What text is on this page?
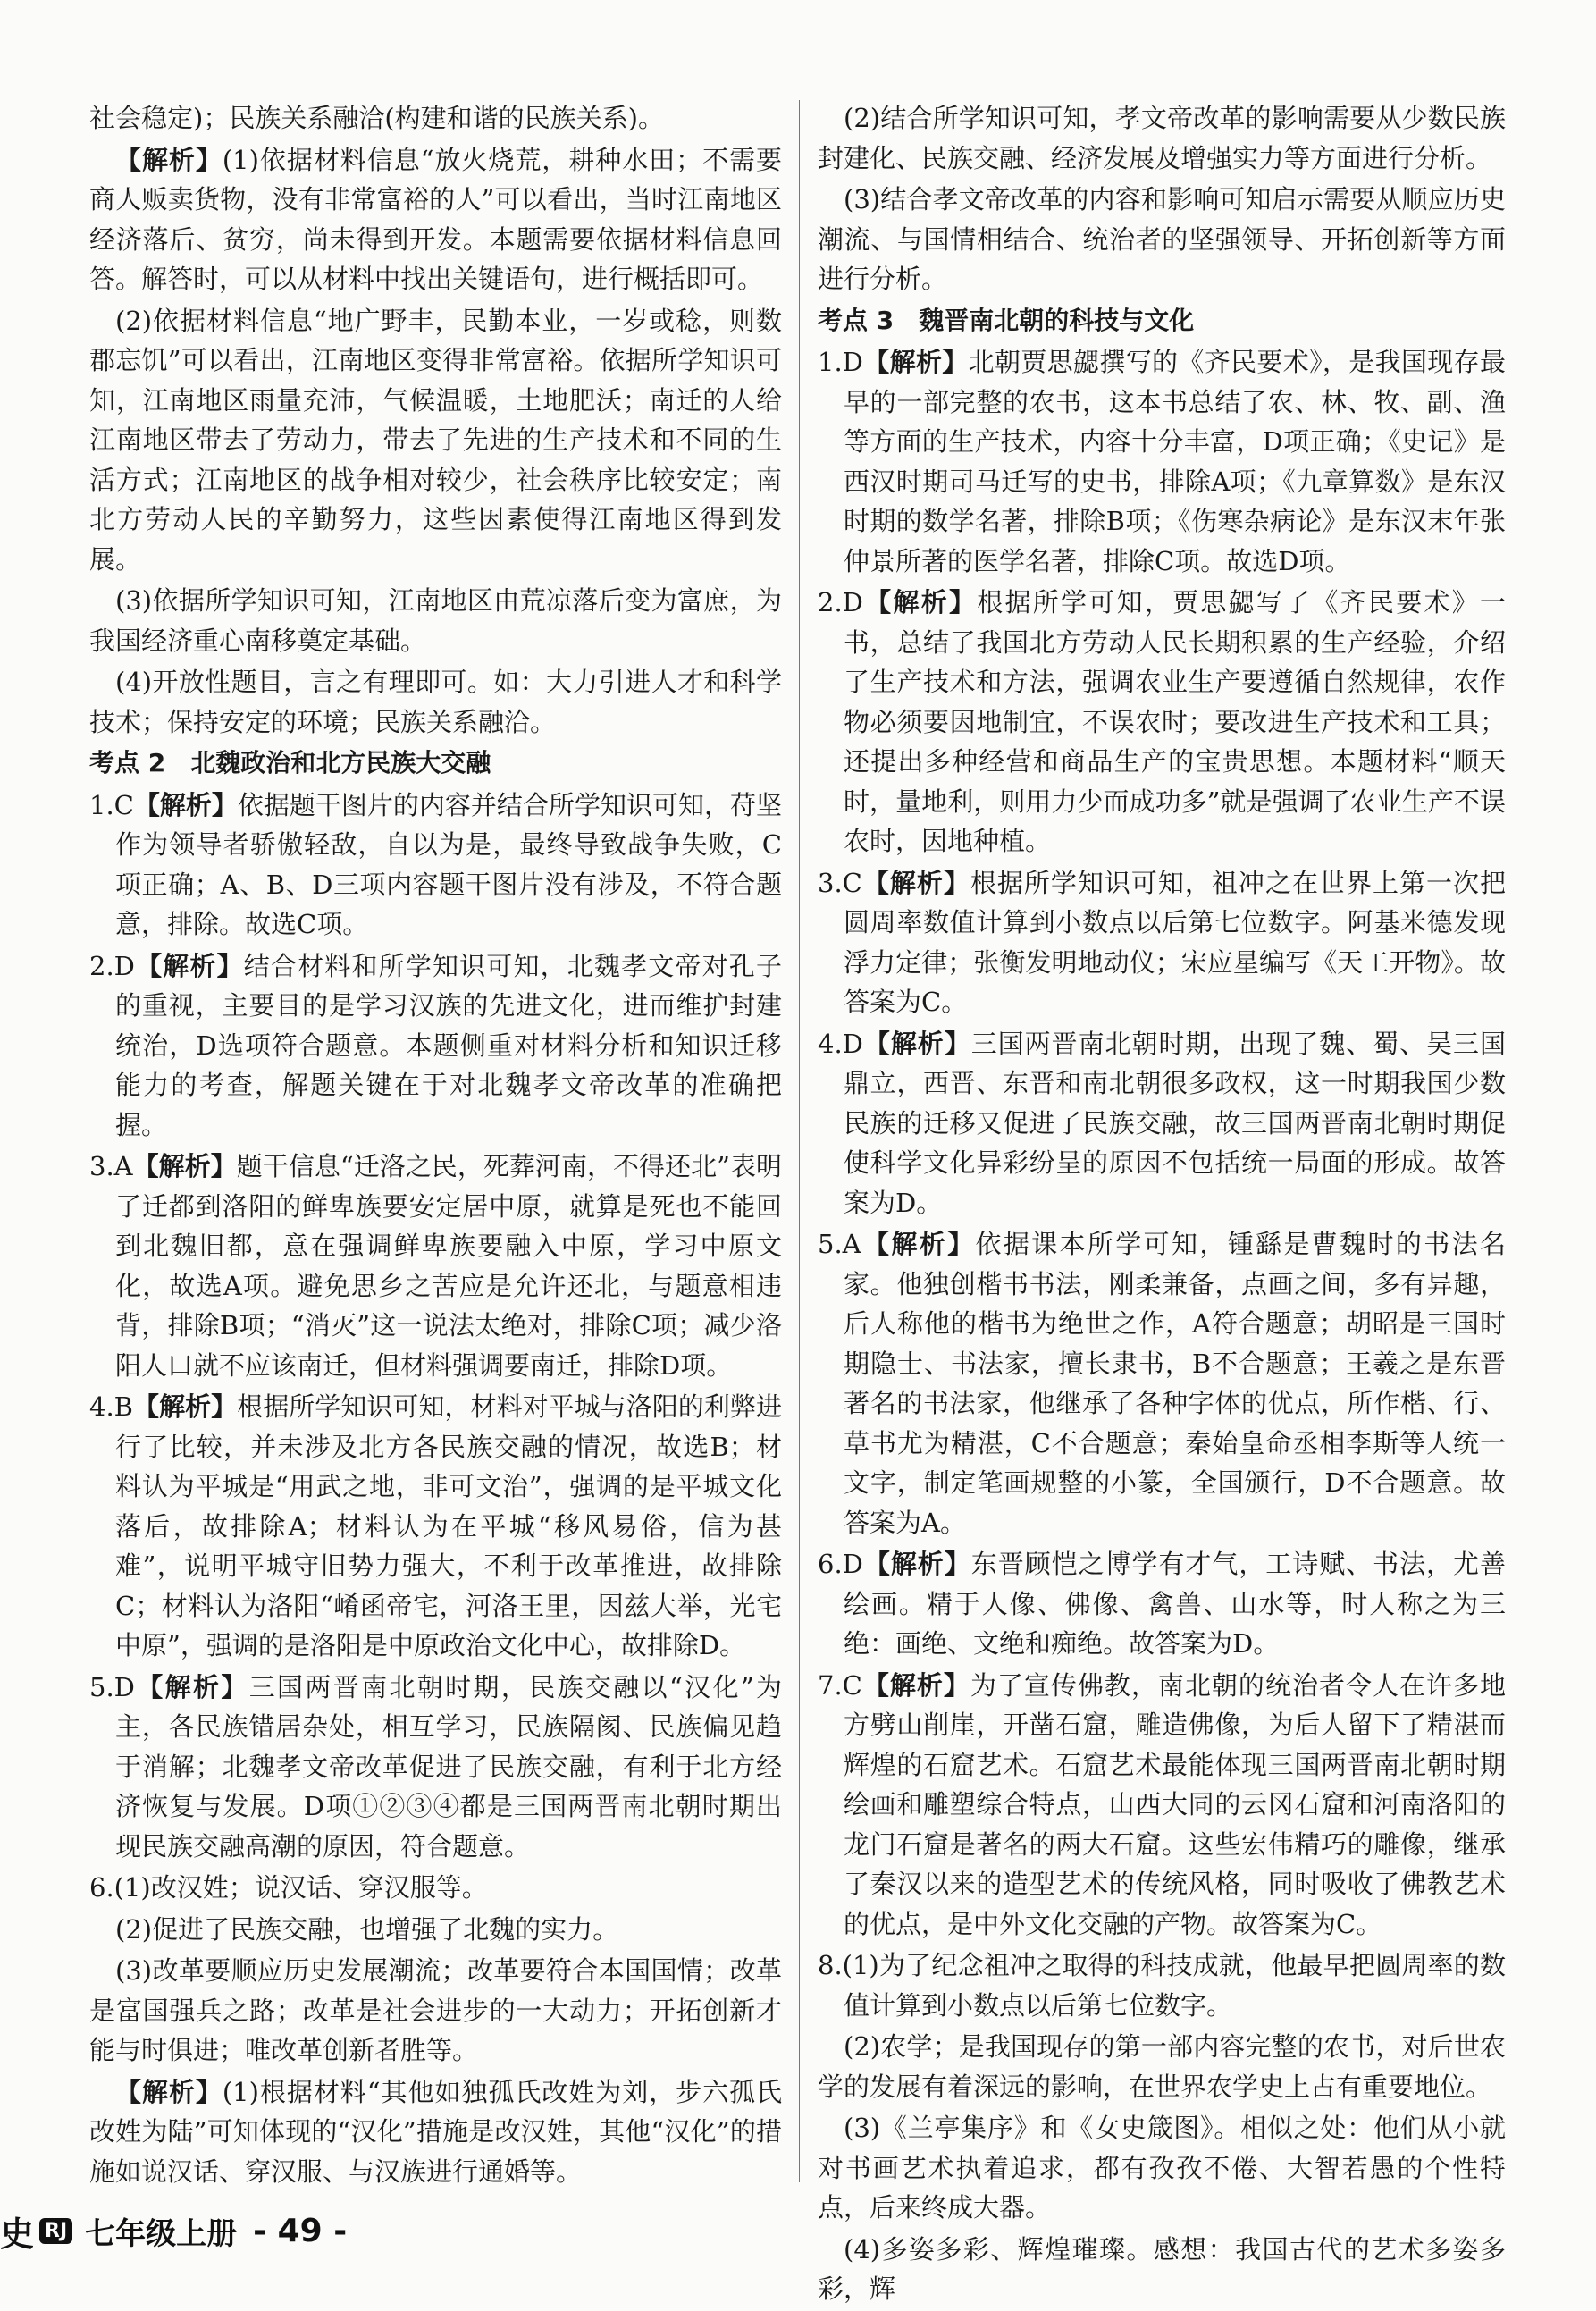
社会稳定)；民族关系融洽(构建和谐的民族关系)。

【解析】(1)依据材料信息“放火烧荒，耕种水田；不需要商人贩卖货物，没有非常富裕的人”可以看出，当时江南地区经济落后、贫穷，尚未得到开发。本题需要依据材料信息回答。解答时，可以从材料中找出关键语句，进行概括即可。

(2)依据材料信息“地广野丰，民勤本业，一岁或稔，则数郡忘饥”可以看出，江南地区变得非常富裕。依据所学知识可知，江南地区雨量充沛，气候温暖，土地肥沃；南迁的人给江南地区带去了劳动力，带去了先进的生产技术和不同的生活方式；江南地区的战争相对较少，社会秩序比较安定；南北方劳动人民的辛勤努力，这些因素使得江南地区得到发展。

(3)依据所学知识可知，江南地区由荒凉落后变为富庶，为我国经济重心南移奠定基础。

(4)开放性题目，言之有理即可。如：大力引进人才和科学技术；保持安定的环境；民族关系融洽。

考点 2　北魏政治和北方民族大交融

1.C【解析】依据题干图片的内容并结合所学知识可知，苻坚作为领导者骄傲轻敌，自以为是，最终导致战争失败，C项正确；A、B、D三项内容题干图片没有涉及，不符合题意，排除。故选C项。

2.D【解析】结合材料和所学知识可知，北魏孝文帝对孔子的重视，主要目的是学习汉族的先进文化，进而维护封建统治，D选项符合题意。本题侧重对材料分析和知识迁移能力的考查，解题关键在于对北魏孝文帝改革的准确把握。

3.A【解析】题干信息“迁洛之民，死葬河南，不得还北”表明了迁都到洛阳的鲜卑族要安定居中原，就算是死也不能回到北魏旧都，意在强调鲜卑族要融入中原，学习中原文化，故选A项。避免思乡之苦应是允许还北，与题意相违背，排除B项；“消灭”这一说法太绝对，排除C项；减少洛阳人口就不应该南迁，但材料强调要南迁，排除D项。

4.B【解析】根据所学知识可知，材料对平城与洛阳的利弊进行了比较，并未涉及北方各民族交融的情况，故选B；材料认为平城是“用武之地，非可文治”，强调的是平城文化落后，故排除A；材料认为在平城“移风易俗，信为甚难”，说明平城守旧势力强大，不利于改革推进，故排除C；材料认为洛阳“崤函帝宅，河洛王里，因兹大举，光宅中原”，强调的是洛阳是中原政治文化中心，故排除D。

5.D【解析】三国两晋南北朝时期，民族交融以“汉化”为主，各民族错居杂处，相互学习，民族隔阂、民族偏见趋于消解；北魏孝文帝改革促进了民族交融，有利于北方经济恢复与发展。D项①②③④都是三国两晋南北朝时期出现民族交融高潮的原因，符合题意。

6.(1)改汉姓；说汉话、穿汉服等。

(2)促进了民族交融，也增强了北魏的实力。

(3)改革要顺应历史发展潮流；改革要符合本国国情；改革是富国强兵之路；改革是社会进步的一大动力；开拓创新才能与时俱进；唯改革创新者胜等。

【解析】(1)根据材料“其他如独孤氏改姓为刘，步六孤氏改姓为陆”可知体现的“汉化”措施是改汉姓，其他“汉化”的措施如说汉话、穿汉服、与汉族进行通婚等。

(2)结合所学知识可知，孝文帝改革的影响需要从少数民族封建化、民族交融、经济发展及增强实力等方面进行分析。

(3)结合孝文帝改革的内容和影响可知启示需要从顺应历史潮流、与国情相结合、统治者的坚强领导、开拓创新等方面进行分析。

考点 3　魏晋南北朝的科技与文化

1.D【解析】北朝贾思勰撰写的《齐民要术》，是我国现存最早的一部完整的农书，这本书总结了农、林、牧、副、渔等方面的生产技术，内容十分丰富，D项正确；《史记》是西汉时期司马迁写的史书，排除A项；《九章算数》是东汉时期的数学名著，排除B项；《伤寒杂病论》是东汉末年张仲景所著的医学名著，排除C项。故选D项。

2.D【解析】根据所学可知，贾思勰写了《齐民要术》一书，总结了我国北方劳动人民长期积累的生产经验，介绍了生产技术和方法，强调农业生产要遵循自然规律，农作物必须要因地制宜，不误农时；要改进生产技术和工具；还提出多种经营和商品生产的宝贵思想。本题材料“顺天时，量地利，则用力少而成功多”就是强调了农业生产不误农时，因地种植。

3.C【解析】根据所学知识可知，祖冲之在世界上第一次把圆周率数值计算到小数点以后第七位数字。阿基米德发现浮力定律；张衡发明地动仪；宋应星编写《天工开物》。故答案为C。

4.D【解析】三国两晋南北朝时期，出现了魏、蜀、吴三国鼎立，西晋、东晋和南北朝很多政权，这一时期我国少数民族的迁移又促进了民族交融，故三国两晋南北朝时期促使科学文化异彩纷呈的原因不包括统一局面的形成。故答案为D。

5.A【解析】依据课本所学可知，锺繇是曹魏时的书法名家。他独创楷书书法，刚柔兼备，点画之间，多有异趣，后人称他的楷书为绝世之作，A符合题意；胡昭是三国时期隐士、书法家，擅长隶书，B不合题意；王羲之是东晋著名的书法家，他继承了各种字体的优点，所作楷、行、草书尤为精湛，C不合题意；秦始皇命丞相李斯等人统一文字，制定笔画规整的小篆，全国颁行，D不合题意。故答案为A。

6.D【解析】东晋顾恺之博学有才气，工诗赋、书法，尤善绘画。精于人像、佛像、禽兽、山水等，时人称之为三绝：画绝、文绝和痴绝。故答案为D。

7.C【解析】为了宣传佛教，南北朝的统治者令人在许多地方劈山削崖，开凿石窟，雕造佛像，为后人留下了精湛而辉煌的石窟艺术。石窟艺术最能体现三国两晋南北朝时期绘画和雕塑综合特点，山西大同的云冈石窟和河南洛阳的龙门石窟是著名的两大石窟。这些宏伟精巧的雕像，继承了秦汉以来的造型艺术的传统风格，同时吸收了佛教艺术的优点，是中外文化交融的产物。故答案为C。

8.(1)为了纪念祖冲之取得的科技成就，他最早把圆周率的数值计算到小数点以后第七位数字。

(2)农学；是我国现存的第一部内容完整的农书，对后世农学的发展有着深远的影响，在世界农学史上占有重要地位。

(3)《兰亭集序》和《女史箴图》。相似之处：他们从小就对书画艺术执着追求，都有孜孜不倦、大智若愚的个性特点，后来终成大器。

(4)多姿多彩、辉煌璀璨。感想：我国古代的艺术多姿多彩，辉

史 RJ 七年级上册 - 49 -
